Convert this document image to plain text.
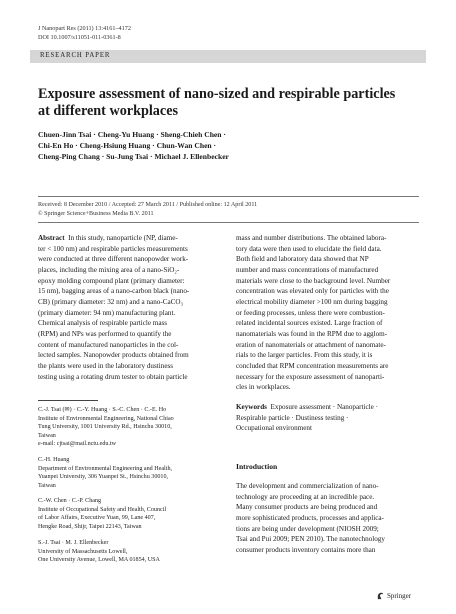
J Nanopart Res (2011) 13:4161–4172
DOI 10.1007/s11051-011-0361-8
RESEARCH PAPER
Exposure assessment of nano-sized and respirable particles at different workplaces
Chuen-Jinn Tsai · Cheng-Yu Huang · Sheng-Chieh Chen ·
Chi-En Ho · Cheng-Hsiung Huang · Chun-Wan Chen ·
Cheng-Ping Chang · Su-Jung Tsai · Michael J. Ellenbecker
Received: 8 December 2010 / Accepted: 27 March 2011 / Published online: 12 April 2011
© Springer Science+Business Media B.V. 2011
Abstract In this study, nanoparticle (NP, diame-
ter < 100 nm) and respirable particles measurements
were conducted at three different nanopowder work-
places, including the mixing area of a nano-SiO₂-
epoxy molding compound plant (primary diameter:
15 nm), bagging areas of a nano-carbon black (nano-
CB) (primary diameter: 32 nm) and a nano-CaCO₃
(primary diameter: 94 nm) manufacturing plant.
Chemical analysis of respirable particle mass
(RPM) and NPs was performed to quantify the
content of manufactured nanoparticles in the col-
lected samples. Nanopowder products obtained from
the plants were used in the laboratory dustiness
testing using a rotating drum tester to obtain particle
mass and number distributions. The obtained labora-
tory data were then used to elucidate the field data.
Both field and laboratory data showed that NP
number and mass concentrations of manufactured
materials were close to the background level. Number
concentration was elevated only for particles with the
electrical mobility diameter >100 nm during bagging
or feeding processes, unless there were combustion-
related incidental sources existed. Large fraction of
nanomaterials was found in the RPM due to agglom-
eration of nanomaterials or attachment of nanomate-
rials to the larger particles. From this study, it is
concluded that RPM concentration measurements are
necessary for the exposure assessment of nanoparti-
cles in workplaces.
Keywords Exposure assessment · Nanoparticle ·
Respirable particle · Dustiness testing ·
Occupational environment
C.-J. Tsai (✉) · C.-Y. Huang · S.-C. Chen · C.-E. Ho
Institute of Environmental Engineering, National Chiao
Tung University, 1001 University Rd., Hsinchu 30010,
Taiwan
e-mail: cjtsai@mail.nctu.edu.tw
C.-H. Huang
Department of Environmental Engineering and Health,
Yuanpei University, 306 Yuanpei St., Hsinchu 30010,
Taiwan
C.-W. Chen · C.-P. Chang
Institute of Occupational Safety and Health, Council
of Labor Affairs, Executive Yuan, 99, Lane 407,
Hengke Road, Shijr, Taipei 22143, Taiwan
S.-J. Tsai · M. J. Ellenbecker
University of Massachusetts Lowell,
One University Avenue, Lowell, MA 01854, USA
Introduction
The development and commercialization of nano-
technology are proceeding at an incredible pace.
Many consumer products are being produced and
more sophisticated products, processes and applica-
tions are being under development (NIOSH 2009;
Tsai and Pui 2009; PEN 2010). The nanotechnology
consumer products inventory contains more than
Springer
